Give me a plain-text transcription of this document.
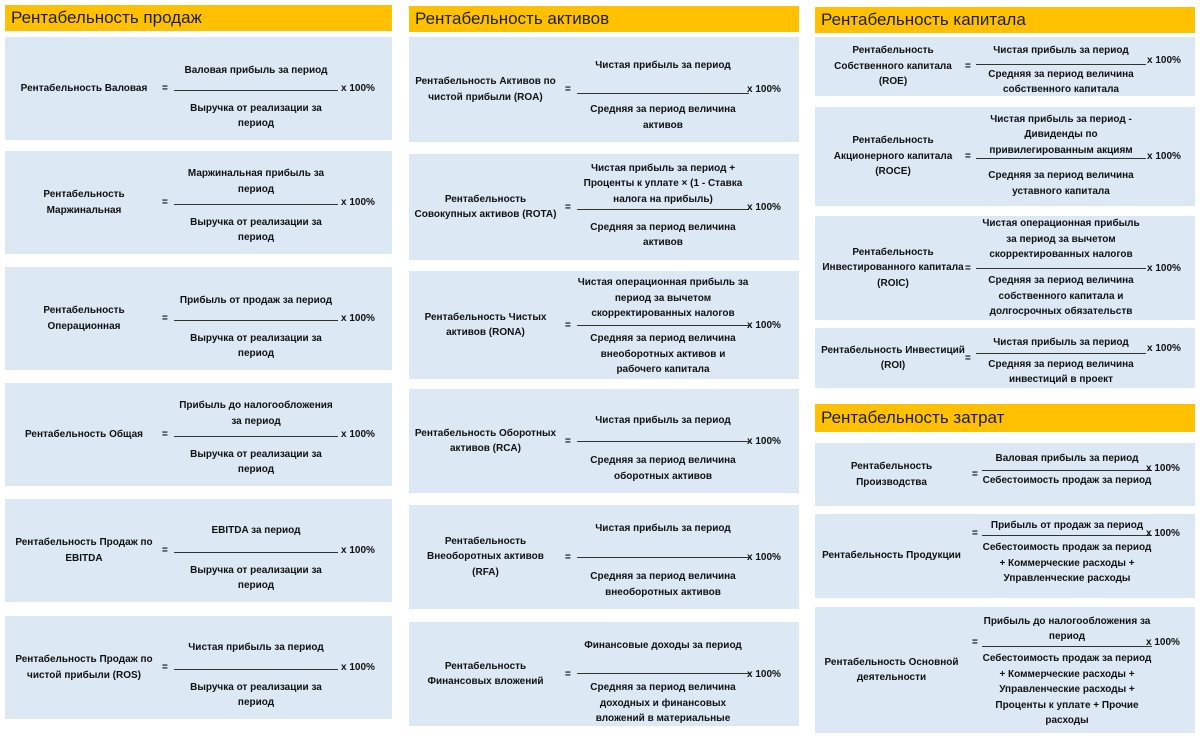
Рентабельность продаж
Рентабельность Валовая	=
Валовая прибыль за период
Выручка от реализации за период
x 100%
Рентабельность Маржинальная
=
Маржинальная прибыль за период
Выручка от реализации за период
x 100%
Рентабельность Операционная
=
Прибыль от продаж за период
Выручка от реализации за период
x 100%
Рентабельность Общая	=
Прибыль до налогообложения за период
Выручка от реализации за период
x 100%
Рентабельность Продаж по EBITDA
=
EBITDA за период
Выручка от реализации за период
x 100%
Рентабельность Продаж по чистой прибыли (ROS)
=
Чистая прибыль за период
Выручка от реализации за период
x 100%
Рентабельность активов
Рентабельность Активов по чистой прибыли (ROA)
=
Чистая прибыль за период
Средняя за период величина активов
x 100%
Рентабельность Совокупных активов (ROTA)
=
Чистая прибыль за период + Проценты к уплате × (1 - Ставка налога на прибыль)
Средняя за период величина активов
x 100%
Рентабельность Чистых активов (RONA)
=
Чистая операционная прибыль за период за вычетом скорректированных налогов
Средняя за период величина внеоборотных активов и рабочего капитала
x 100%
Рентабельность Оборотных активов (RCA)
=
Чистая прибыль за период
Средняя за период величина оборотных активов
x 100%
Рентабельность Внеоборотных активов (RFA)
=
Чистая прибыль за период
Средняя за период величина внеоборотных активов
x 100%
Рентабельность Финансовых вложений
=
Финансовые доходы за период
Средняя за период величина доходных и финансовых вложений в материальные
x 100%
Рентабельность капитала
Рентабельность Собственного капитала (ROE)
=
Чистая прибыль за период
Средняя за период величина собственного капитала
x 100%
Рентабельность Акционерного капитала (ROCE)
=
Чистая прибыль за период - Дивиденды по привилегированным акциям
Средняя за период величина уставного капитала
x 100%
Рентабельность Инвестированного капитала (ROIC)
=
Чистая операционная прибыль за период за вычетом скорректированных налогов
Средняя за период величина собственного капитала и долгосрочных обязательств
x 100%
Рентабельность Инвестиций (ROI)
=
Чистая прибыль за период
Средняя за период величина инвестиций в проект
x 100%
Рентабельность затрат
Рентабельность Производства
=
Валовая прибыль за период
Себестоимость продаж за период
x 100%
Рентабельность Продукции
=
Прибыль от продаж за период
Себестоимость продаж за период + Коммерческие расходы + Управленческие расходы
x 100%
Рентабельность Основной деятельности
=
Прибыль до налогообложения за период
Себестоимость продаж за период + Коммерческие расходы + Управленческие расходы + Проценты к уплате + Прочие расходы
x 100%
